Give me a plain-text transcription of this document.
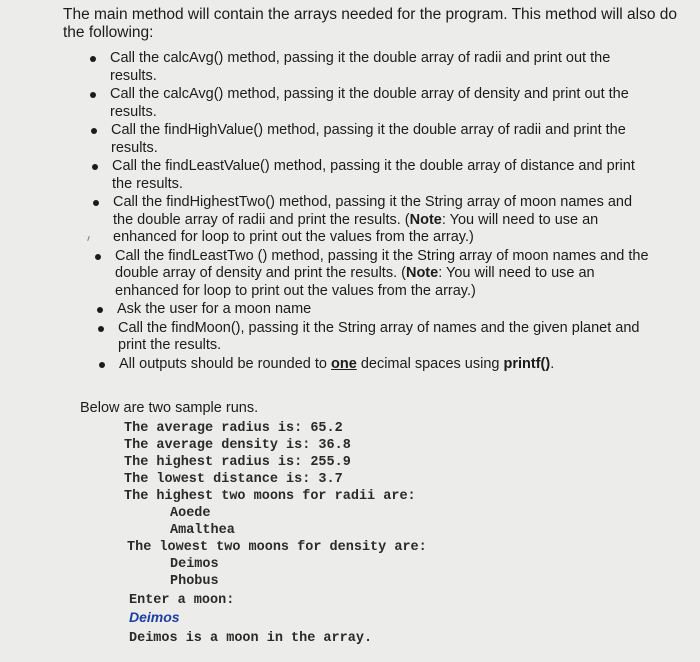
The main method will contain the arrays needed for the program. This method will also do the following:
Call the calcAvg() method, passing it the double array of radii and print out the results.
Call the calcAvg() method, passing it the double array of density and print out the results.
Call the findHighValue() method, passing it the double array of radii and print the results.
Call the findLeastValue() method, passing it the double array of distance and print the results.
Call the findHighestTwo() method, passing it the String array of moon names and the double array of radii and print the results. (Note: You will need to use an enhanced for loop to print out the values from the array.)
Call the findLeastTwo () method, passing it the String array of moon names and the double array of density and print the results. (Note: You will need to use an enhanced for loop to print out the values from the array.)
Ask the user for a moon name
Call the findMoon(), passing it the String array of names and the given planet and print the results.
All outputs should be rounded to one decimal spaces using printf().
Below are two sample runs.
The average radius is: 65.2
The average density is: 36.8
The highest radius is: 255.9
The lowest distance is: 3.7
The highest two moons for radii are:
Aoede
Amalthea
The lowest two moons for density are:
Deimos
Phobus
Enter a moon:
Deimos
Deimos is a moon in the array.
